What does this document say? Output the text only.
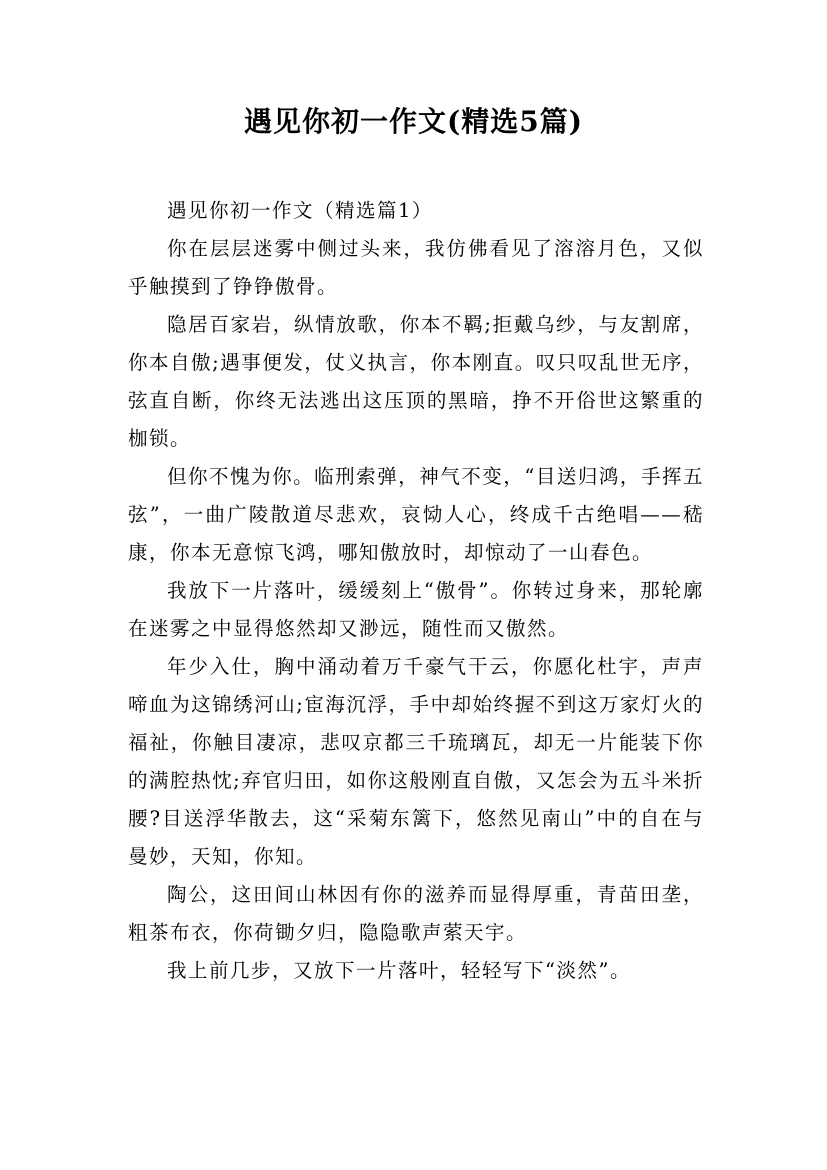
遇见你初一作文(精选5篇)

遇见你初一作文（精选篇1）

你在层层迷雾中侧过头来，我仿佛看见了溶溶月色，又似乎触摸到了铮铮傲骨。

隐居百家岩，纵情放歌，你本不羁;拒戴乌纱，与友割席，你本自傲;遇事便发，仗义执言，你本刚直。叹只叹乱世无序，弦直自断，你终无法逃出这压顶的黑暗，挣不开俗世这繁重的枷锁。

但你不愧为你。临刑索弹，神气不变，“目送归鸿，手挥五弦”，一曲广陵散道尽悲欢，哀恸人心，终成千古绝唱——嵇康，你本无意惊飞鸿，哪知傲放时，却惊动了一山春色。

我放下一片落叶，缓缓刻上“傲骨”。你转过身来，那轮廓在迷雾之中显得悠然却又渺远，随性而又傲然。

年少入仕，胸中涌动着万千豪气干云，你愿化杜宇，声声啼血为这锦绣河山;宦海沉浮，手中却始终握不到这万家灯火的福祉，你触目凄凉，悲叹京都三千琉璃瓦，却无一片能装下你的满腔热忱;弃官归田，如你这般刚直自傲，又怎会为五斗米折腰?目送浮华散去，这“采菊东篱下，悠然见南山”中的自在与曼妙，天知，你知。

陶公，这田间山林因有你的滋养而显得厚重，青苗田垄，粗茶布衣，你荷锄夕归，隐隐歌声萦天宇。

我上前几步，又放下一片落叶，轻轻写下“淡然”。
